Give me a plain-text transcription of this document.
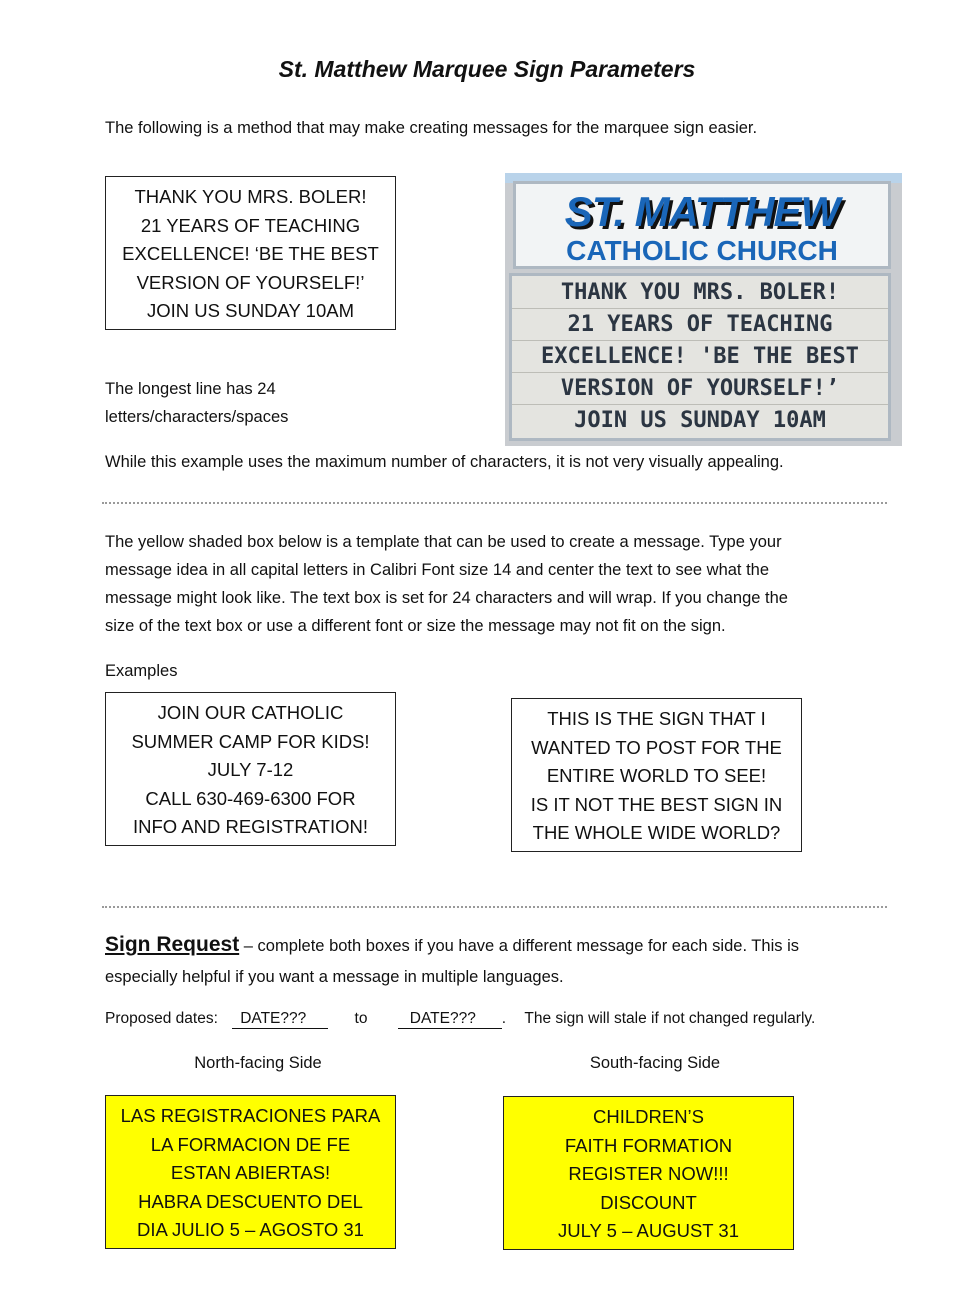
St. Matthew Marquee Sign Parameters
The following is a method that may make creating messages for the marquee sign easier.
THANK YOU MRS. BOLER!
21 YEARS OF TEACHING
EXCELLENCE! ‘BE THE BEST
VERSION OF YOURSELF!’
JOIN US SUNDAY 10AM
The longest line has 24
letters/characters/spaces
ST. MATTHEW
CATHOLIC CHURCH
THANK YOU MRS. BOLER!
21 YEARS OF TEACHING
EXCELLENCE! 'BE THE BEST
VERSION OF YOURSELF!’
JOIN US SUNDAY 10AM
While this example uses the maximum number of characters, it is not very visually appealing.
The yellow shaded box below is a template that can be used to create a message. Type your
message idea in all capital letters in Calibri Font size 14 and center the text to see what the
message might look like. The text box is set for 24 characters and will wrap. If you change the
size of the text box or use a different font or size the message may not fit on the sign.
Examples
JOIN OUR CATHOLIC
SUMMER CAMP FOR KIDS!
JULY 7-12
CALL 630-469-6300 FOR
INFO AND REGISTRATION!
THIS IS THE SIGN THAT I
WANTED TO POST FOR THE
ENTIRE WORLD TO SEE!
IS IT NOT THE BEST SIGN IN
THE WHOLE WIDE WORLD?
Sign Request – complete both boxes if you have a different message for each side. This is
especially helpful if you want a message in multiple languages.
Proposed dates: DATE???	to	DATE??? . The sign will stale if not changed regularly.
North-facing Side	South-facing Side
LAS REGISTRACIONES PARA
LA FORMACION DE FE
ESTAN ABIERTAS!
HABRA DESCUENTO DEL
DIA JULIO 5 – AGOSTO 31
CHILDREN’S
FAITH FORMATION
REGISTER NOW!!!
DISCOUNT
JULY 5 – AUGUST 31
